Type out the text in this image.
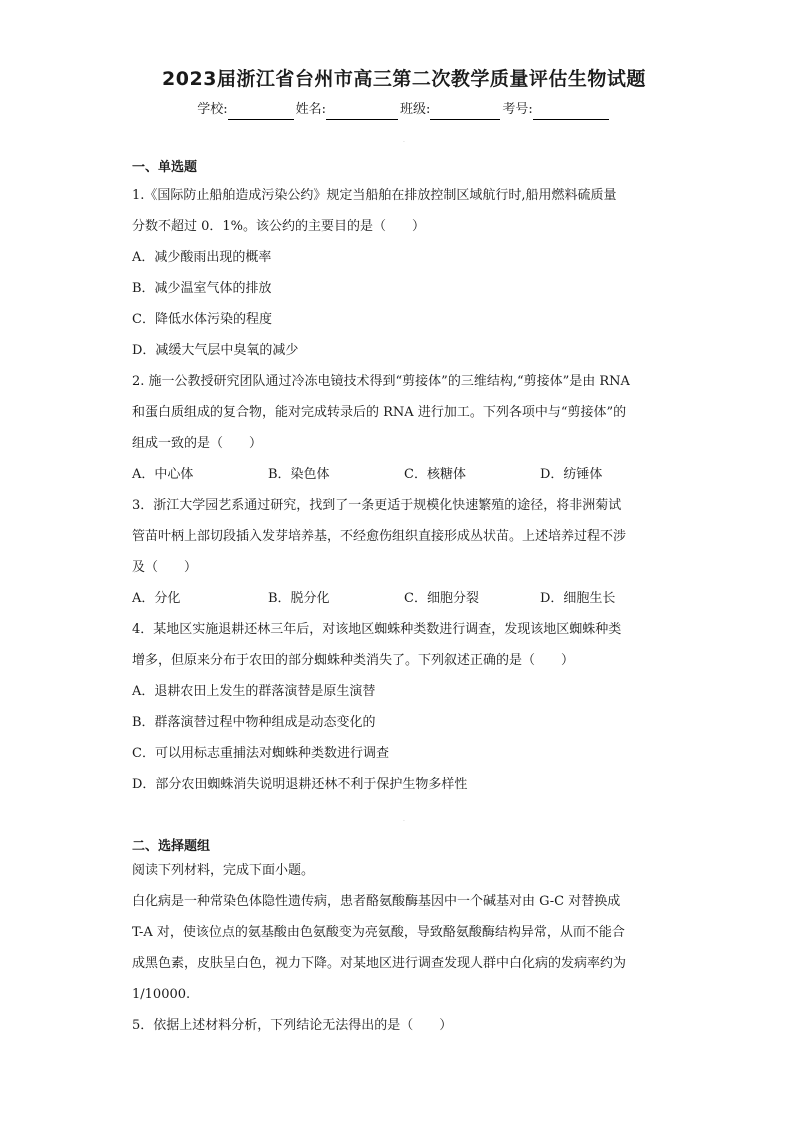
2023届浙江省台州市高三第二次教学质量评估生物试题
学校:	姓名:	班级:	考号:
·
一、单选题

1.《国际防止船舶造成污染公约》规定当船舶在排放控制区域航行时,船用燃料硫质量

分数不超过 0．1%。该公约的主要目的是（　　）

A．减少酸雨出现的概率
B．减少温室气体的排放
C．降低水体污染的程度
D．减缓大气层中臭氧的减少

2. 施一公教授研究团队通过冷冻电镜技术得到“剪接体”的三维结构,“剪接体”是由 RNA

和蛋白质组成的复合物，能对完成转录后的 RNA 进行加工。下列各项中与“剪接体”的

组成一致的是（　　）

A．中心体	B．染色体	C．核糖体	D．纺锤体

3．浙江大学园艺系通过研究，找到了一条更适于规模化快速繁殖的途径，将非洲菊试

管苗叶柄上部切段插入发芽培养基，不经愈伤组织直接形成丛状苗。上述培养过程不涉

及（　　）

A．分化	B．脱分化	C．细胞分裂	D．细胞生长

4．某地区实施退耕还林三年后，对该地区蜘蛛种类数进行调查，发现该地区蜘蛛种类

增多，但原来分布于农田的部分蜘蛛种类消失了。下列叙述正确的是（　　）

A．退耕农田上发生的群落演替是原生演替
B．群落演替过程中物种组成是动态变化的
C．可以用标志重捕法对蜘蛛种类数进行调查
D．部分农田蜘蛛消失说明退耕还林不利于保护生物多样性
·
二、选择题组

阅读下列材料，完成下面小题。

白化病是一种常染色体隐性遗传病，患者酪氨酸酶基因中一个碱基对由 G-C 对替换成

T-A 对，使该位点的氨基酸由色氨酸变为亮氨酸，导致酪氨酸酶结构异常，从而不能合

成黑色素，皮肤呈白色，视力下降。对某地区进行调查发现人群中白化病的发病率约为

1/10000.

5．依据上述材料分析，下列结论无法得出的是（　　）
